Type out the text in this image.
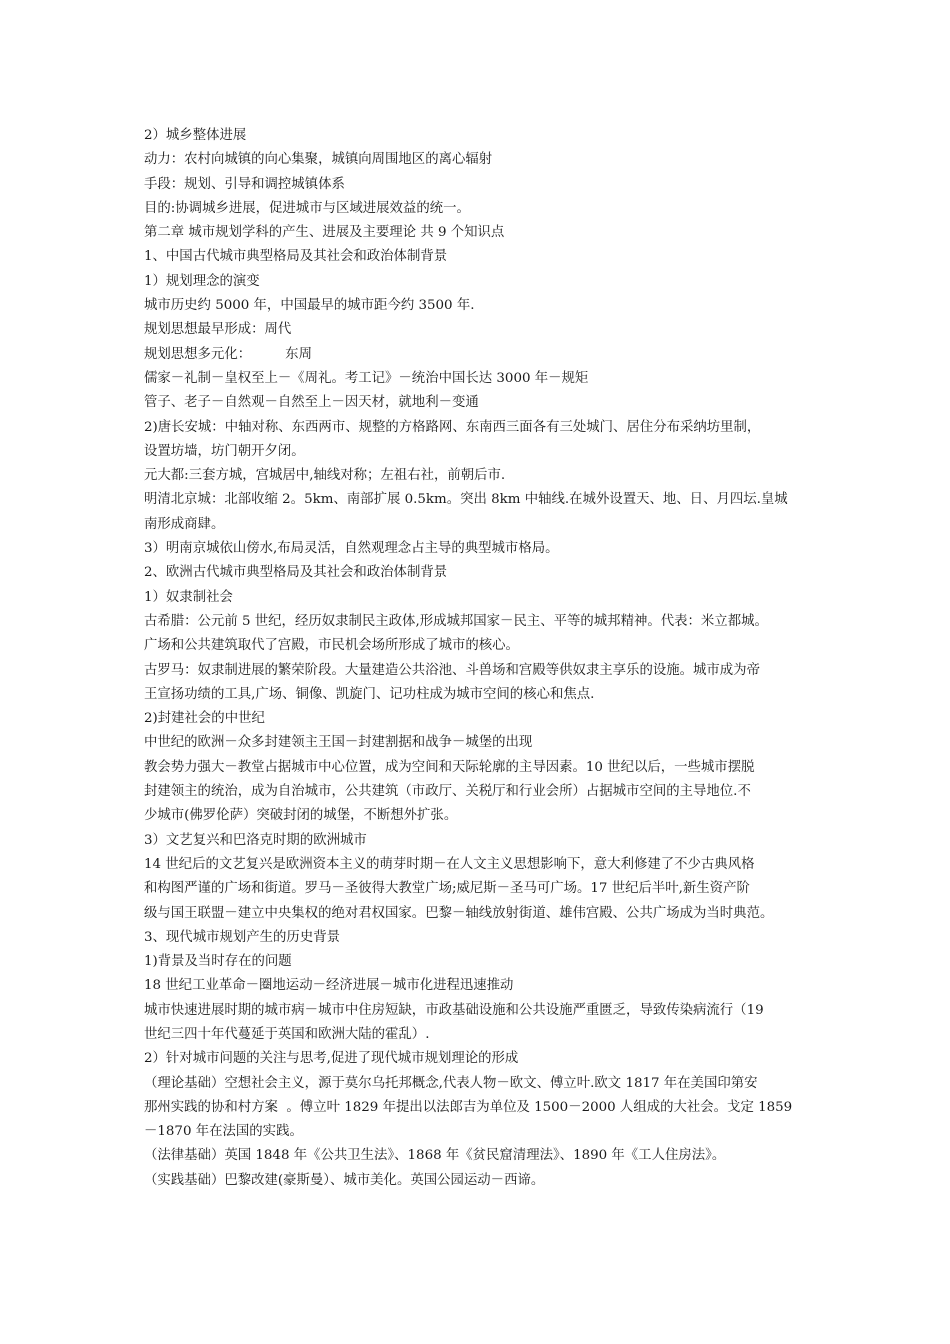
2）城乡整体进展
动力：农村向城镇的向心集聚，城镇向周围地区的离心辐射
手段：规划、引导和调控城镇体系
目的:协调城乡进展，促进城市与区域进展效益的统一。
第二章 城市规划学科的产生、进展及主要理论 共 9 个知识点
1、中国古代城市典型格局及其社会和政治体制背景
1）规划理念的演变
城市历史约 5000 年，中国最早的城市距今约 3500 年.
规划思想最早形成：周代
规划思想多元化：        东周
儒家－礼制－皇权至上－《周礼。考工记》－统治中国长达 3000 年－规矩
管子、老子－自然观－自然至上－因天材，就地利－变通
2)唐长安城：中轴对称、东西两市、规整的方格路网、东南西三面各有三处城门、居住分布采纳坊里制，
设置坊墙，坊门朝开夕闭。
元大都:三套方城，宫城居中,轴线对称；左祖右社，前朝后市.
明清北京城：北部收缩 2。5km、南部扩展 0.5km。突出 8km 中轴线.在城外设置天、地、日、月四坛.皇城
南形成商肆。
3）明南京城依山傍水,布局灵活，自然观理念占主导的典型城市格局。
2、欧洲古代城市典型格局及其社会和政治体制背景
1）奴隶制社会
古希腊：公元前 5 世纪，经历奴隶制民主政体,形成城邦国家－民主、平等的城邦精神。代表：米立都城。
广场和公共建筑取代了宫殿，市民机会场所形成了城市的核心。
古罗马：奴隶制进展的繁荣阶段。大量建造公共浴池、斗兽场和宫殿等供奴隶主享乐的设施。城市成为帝
王宣扬功绩的工具,广场、铜像、凯旋门、记功柱成为城市空间的核心和焦点.
2)封建社会的中世纪
中世纪的欧洲－众多封建领主王国－封建割据和战争－城堡的出现
教会势力强大－教堂占据城市中心位置，成为空间和天际轮廓的主导因素。10 世纪以后，一些城市摆脱
封建领主的统治，成为自治城市，公共建筑（市政厅、关税厅和行业会所）占据城市空间的主导地位.不
少城市(佛罗伦萨）突破封闭的城堡，不断想外扩张。
3）文艺复兴和巴洛克时期的欧洲城市
14 世纪后的文艺复兴是欧洲资本主义的萌芽时期－在人文主义思想影响下，意大利修建了不少古典风格
和构图严谨的广场和街道。罗马－圣彼得大教堂广场;威尼斯－圣马可广场。17 世纪后半叶,新生资产阶
级与国王联盟－建立中央集权的绝对君权国家。巴黎－轴线放射街道、雄伟宫殿、公共广场成为当时典范。
3、现代城市规划产生的历史背景
1)背景及当时存在的问题
18 世纪工业革命－圈地运动－经济进展－城市化进程迅速推动
城市快速进展时期的城市病－城市中住房短缺，市政基础设施和公共设施严重匮乏，导致传染病流行（19
世纪三四十年代蔓延于英国和欧洲大陆的霍乱）.
2）针对城市问题的关注与思考,促进了现代城市规划理论的形成
（理论基础）空想社会主义，源于莫尔乌托邦概念,代表人物－欧文、傅立叶.欧文 1817 年在美国印第安
那州实践的协和村方案  。傅立叶 1829 年提出以法郎吉为单位及 1500－2000 人组成的大社会。戈定 1859
－1870 年在法国的实践。
（法律基础）英国 1848 年《公共卫生法》、1868 年《贫民窟清理法》、1890 年《工人住房法》。
（实践基础）巴黎改建(豪斯曼）、城市美化。英国公园运动－西谛。
